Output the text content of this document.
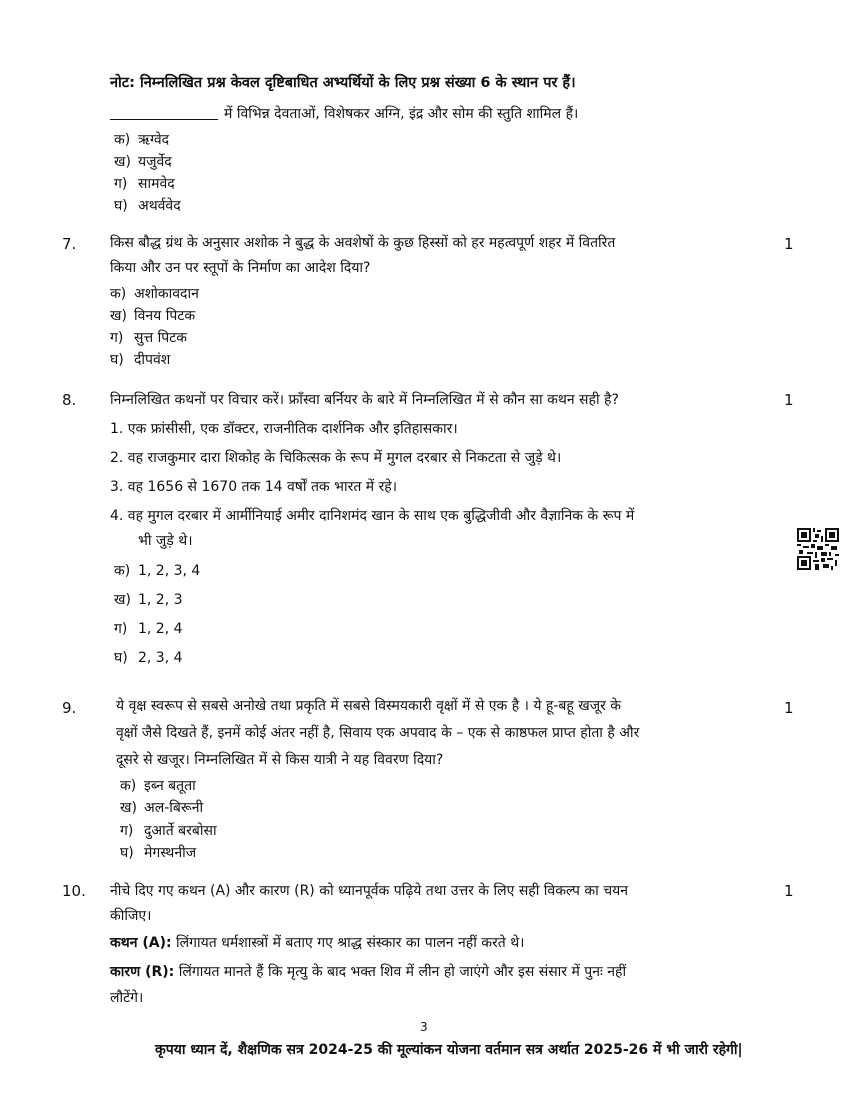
नोट: निम्नलिखित प्रश्न केवल दृष्टिबाधित अभ्यर्थियों के लिए प्रश्न संख्या 6 के स्थान पर हैं।
में विभिन्न देवताओं, विशेषकर अग्नि, इंद्र और सोम की स्तुति शामिल हैं।
क) ऋग्वेद
ख) यजुर्वेद
ग) सामवेद
घ) अथर्ववेद
7.	1
किस बौद्ध ग्रंथ के अनुसार अशोक ने बुद्ध के अवशेषों के कुछ हिस्सों को हर महत्वपूर्ण शहर में वितरित
किया और उन पर स्तूपों के निर्माण का आदेश दिया?
क) अशोकावदान
ख) विनय पिटक
ग) सुत्त पिटक
घ) दीपवंश
8.	1
निम्नलिखित कथनों पर विचार करें। फ्राँस्वा बर्नियर के बारे में निम्नलिखित में से कौन सा कथन सही है?
1. एक फ्रांसीसी, एक डॉक्टर, राजनीतिक दार्शनिक और इतिहासकार।
2. वह राजकुमार दारा शिकोह के चिकित्सक के रूप में मुगल दरबार से निकटता से जुड़े थे।
3. वह 1656 से 1670 तक 14 वर्षों तक भारत में रहे।
4. वह मुगल दरबार में आर्मीनियाई अमीर दानिशमंद खान के साथ एक बुद्धिजीवी और वैज्ञानिक के रूप में
भी जुड़े थे।
क) 1, 2, 3, 4
ख) 1, 2, 3
ग) 1, 2, 4
घ) 2, 3, 4
9.	1
ये वृक्ष स्वरूप से सबसे अनोखे तथा प्रकृति में सबसे विस्मयकारी वृक्षों में से एक है । ये हू-बहू खजूर के
वृक्षों जैसे दिखते हैं, इनमें कोई अंतर नहीं है, सिवाय एक अपवाद के – एक से काष्ठफल प्राप्त होता है और
दूसरे से खजूर। निम्नलिखित में से किस यात्री ने यह विवरण दिया?
क) इब्न बतूता
ख) अल-बिरूनी
ग) दुआर्ते बरबोसा
घ) मेगस्थनीज
10.	1
नीचे दिए गए कथन (A) और कारण (R) को ध्यानपूर्वक पढ़िये तथा उत्तर के लिए सही विकल्प का चयन
कीजिए।
कथन (A): लिंगायत धर्मशास्त्रों में बताए गए श्राद्ध संस्कार का पालन नहीं करते थे।
कारण (R): लिंगायत मानते हैं कि मृत्यु के बाद भक्त शिव में लीन हो जाएंगे और इस संसार में पुनः नहीं
लौटेंगे।
3
कृपया ध्यान दें, शैक्षणिक सत्र 2024-25 की मूल्यांकन योजना वर्तमान सत्र अर्थात 2025-26 में भी जारी रहेगी|
